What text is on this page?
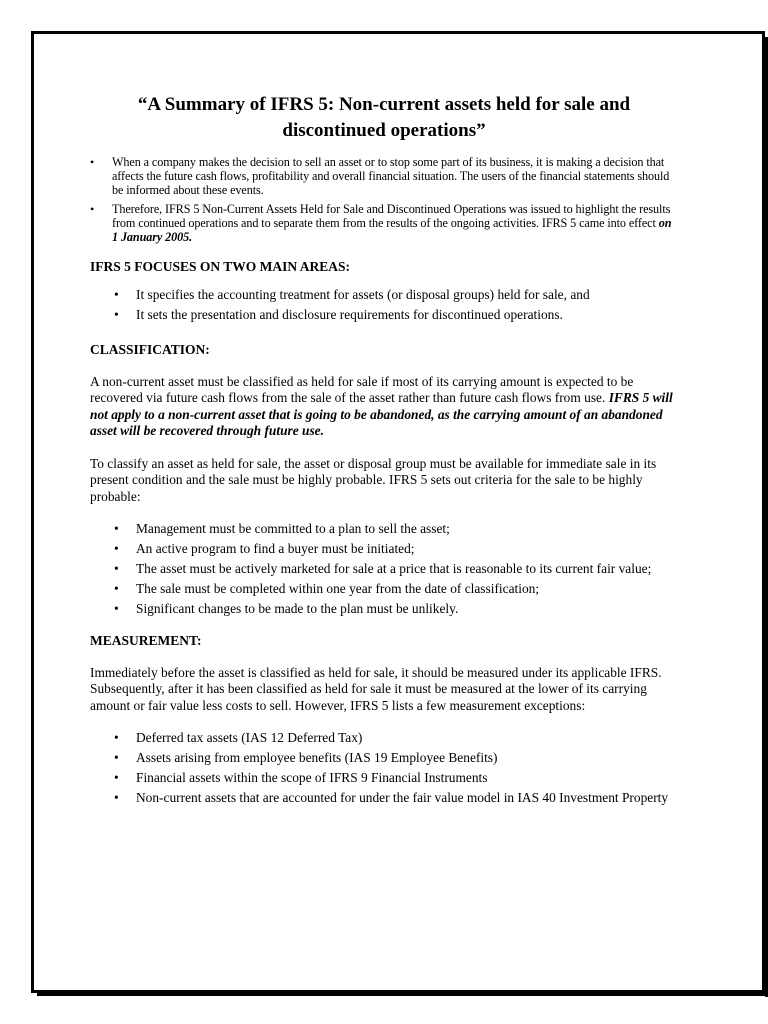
“A Summary of IFRS 5: Non-current assets held for sale and
discontinued operations”
• When a company makes the decision to sell an asset or to stop some part of its business, it is making a decision that affects the future cash flows, profitability and overall financial situation. The users of the financial statements should be informed about these events.
• Therefore, IFRS 5 Non-Current Assets Held for Sale and Discontinued Operations was issued to highlight the results from continued operations and to separate them from the results of the ongoing activities. IFRS 5 came into effect on 1 January 2005.
IFRS 5 FOCUSES ON TWO MAIN AREAS:
• It specifies the accounting treatment for assets (or disposal groups) held for sale, and
• It sets the presentation and disclosure requirements for discontinued operations.
CLASSIFICATION:

A non-current asset must be classified as held for sale if most of its carrying amount is expected to be recovered via future cash flows from the sale of the asset rather than future cash flows from use. IFRS 5 will not apply to a non-current asset that is going to be abandoned, as the carrying amount of an abandoned asset will be recovered through future use.

To classify an asset as held for sale, the asset or disposal group must be available for immediate sale in its present condition and the sale must be highly probable. IFRS 5 sets out criteria for the sale to be highly probable:

• Management must be committed to a plan to sell the asset;
• An active program to find a buyer must be initiated;
• The asset must be actively marketed for sale at a price that is reasonable to its current fair value;
• The sale must be completed within one year from the date of classification;
• Significant changes to be made to the plan must be unlikely.
MEASUREMENT:

Immediately before the asset is classified as held for sale, it should be measured under its applicable IFRS. Subsequently, after it has been classified as held for sale it must be measured at the lower of its carrying amount or fair value less costs to sell. However, IFRS 5 lists a few measurement exceptions:

• Deferred tax assets (IAS 12 Deferred Tax)
• Assets arising from employee benefits (IAS 19 Employee Benefits)
• Financial assets within the scope of IFRS 9 Financial Instruments
• Non-current assets that are accounted for under the fair value model in IAS 40 Investment Property
